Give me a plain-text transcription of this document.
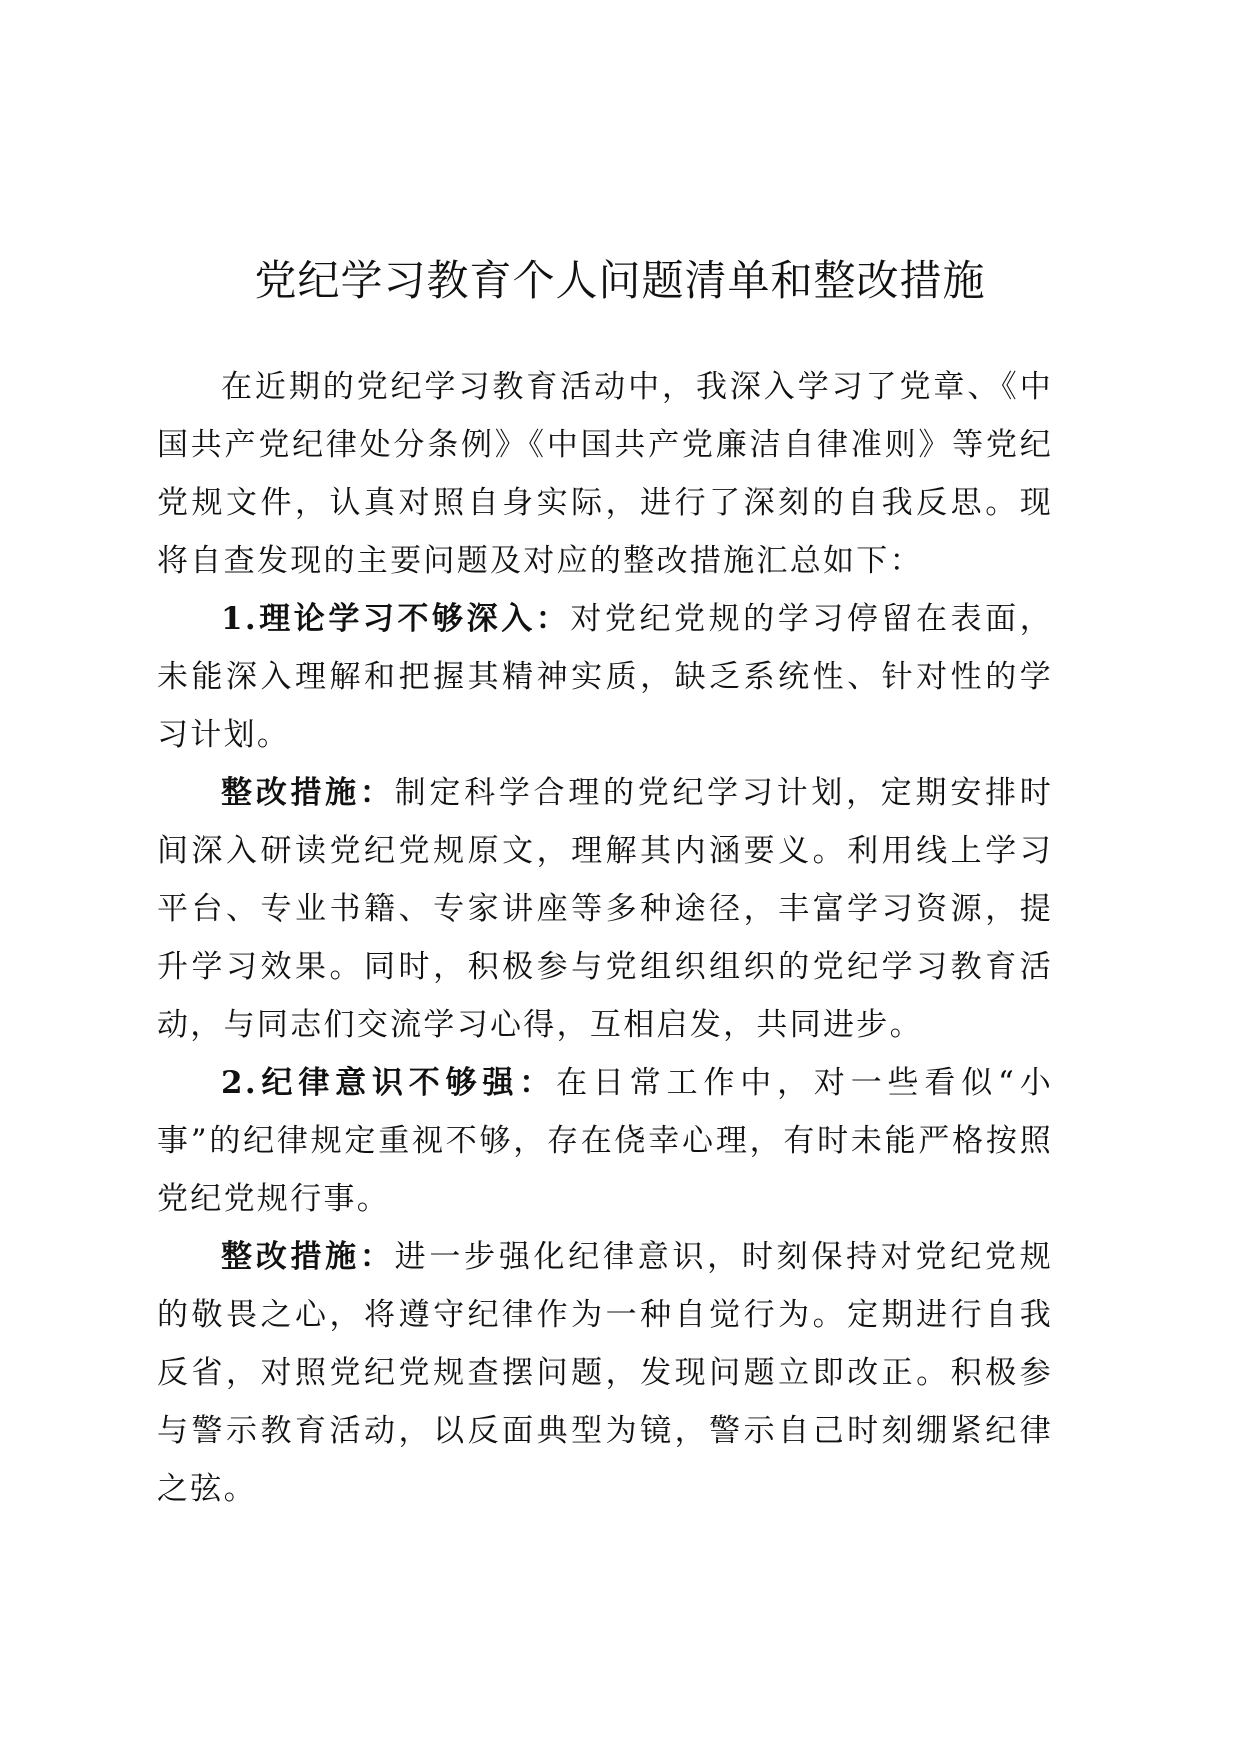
党纪学习教育个人问题清单和整改措施

在近期的党纪学习教育活动中，我深入学习了党章、《中国共产党纪律处分条例》《中国共产党廉洁自律准则》等党纪党规文件，认真对照自身实际，进行了深刻的自我反思。现将自查发现的主要问题及对应的整改措施汇总如下：

1.理论学习不够深入：对党纪党规的学习停留在表面，未能深入理解和把握其精神实质，缺乏系统性、针对性的学习计划。

整改措施：制定科学合理的党纪学习计划，定期安排时间深入研读党纪党规原文，理解其内涵要义。利用线上学习平台、专业书籍、专家讲座等多种途径，丰富学习资源，提升学习效果。同时，积极参与党组织组织的党纪学习教育活动，与同志们交流学习心得，互相启发，共同进步。

2.纪律意识不够强：在日常工作中，对一些看似“小事”的纪律规定重视不够，存在侥幸心理，有时未能严格按照党纪党规行事。

整改措施：进一步强化纪律意识，时刻保持对党纪党规的敬畏之心，将遵守纪律作为一种自觉行为。定期进行自我反省，对照党纪党规查摆问题，发现问题立即改正。积极参与警示教育活动，以反面典型为镜，警示自己时刻绷紧纪律之弦。
